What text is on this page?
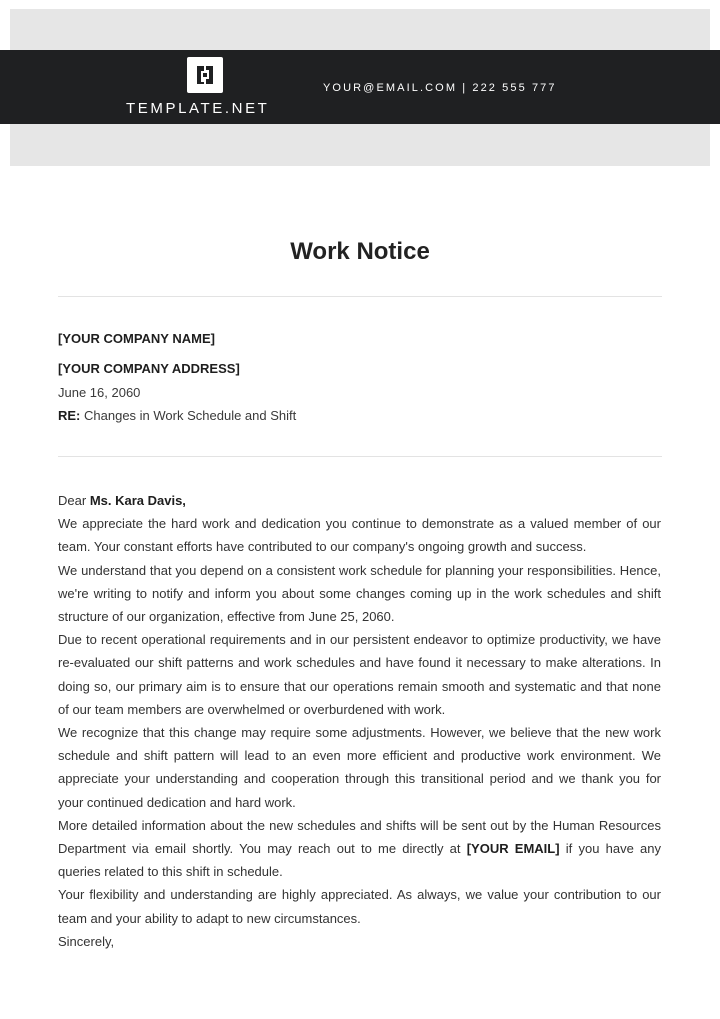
TEMPLATE.NET
YOUR@EMAIL.COM | 222 555 777
Work Notice
[YOUR COMPANY NAME]
[YOUR COMPANY ADDRESS]
June 16, 2060
RE: Changes in Work Schedule and Shift

Dear Ms. Kara Davis,

We appreciate the hard work and dedication you continue to demonstrate as a valued member of our team. Your constant efforts have contributed to our company's ongoing growth and success.

We understand that you depend on a consistent work schedule for planning your responsibilities. Hence, we're writing to notify and inform you about some changes coming up in the work schedules and shift structure of our organization, effective from June 25, 2060.

Due to recent operational requirements and in our persistent endeavor to optimize productivity, we have re-evaluated our shift patterns and work schedules and have found it necessary to make alterations. In doing so, our primary aim is to ensure that our operations remain smooth and systematic and that none of our team members are overwhelmed or overburdened with work.

We recognize that this change may require some adjustments. However, we believe that the new work schedule and shift pattern will lead to an even more efficient and productive work environment. We appreciate your understanding and cooperation through this transitional period and we thank you for your continued dedication and hard work.

More detailed information about the new schedules and shifts will be sent out by the Human Resources Department via email shortly. You may reach out to me directly at [YOUR EMAIL] if you have any queries related to this shift in schedule.

Your flexibility and understanding are highly appreciated. As always, we value your contribution to our team and your ability to adapt to new circumstances.

Sincerely,
